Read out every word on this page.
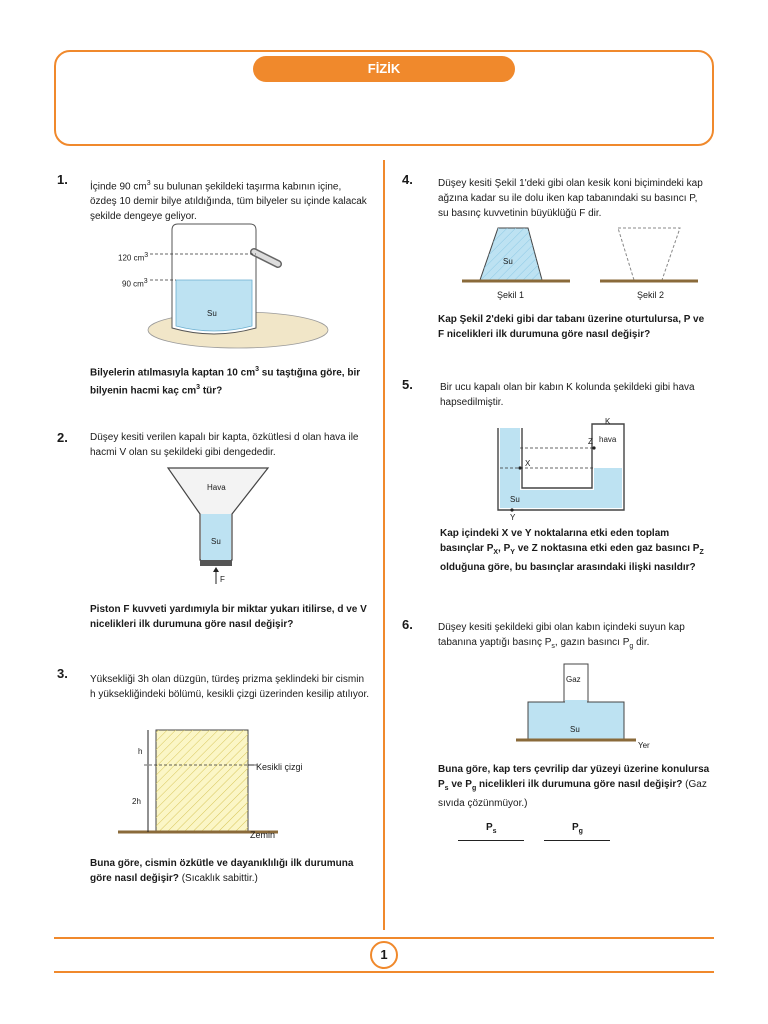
FİZİK
1. İçinde 90 $cm^3$ su bulunan şekildeki taşırma kabının içine, özdeş 10 demir bilye atıldığında, tüm bilyeler su içinde kalacak şekilde dengeye geliyor.
120 $cm^3$
90 $cm^3$
Su
Bilyelerin atılmasıyla kaptan 10 $cm^3$ su taştığına göre, bir bilyenin hacmi kaç $cm^3$ tür?
2. Düşey kesiti verilen kapalı bir kapta, özkütlesi d olan hava ile hacmi V olan su şekildeki gibi dengededir.
Hava
Su
F
Piston F kuvveti yardımıyla bir miktar yukarı itilirse, d ve V nicelikleri ilk durumuna göre nasıl değişir?
3. Yüksekliği 3h olan düzgün, türdeş prizma şeklindeki bir cismin h yüksekliğindeki bölümü, kesikli çizgi üzerinden kesilip atılıyor.
h
2h
Kesikli çizgi
Zemin
Buna göre, cismin özkütle ve dayanıklılığı ilk durumuna göre nasıl değişir? (Sıcaklık sabittir.)
4.	Düşey kesiti Şekil 1'deki gibi olan kesik koni biçimindeki kap ağzına kadar su ile dolu iken kap tabanındaki su basıncı P, su basınç kuvvetinin büyüklüğü F dir.
Su
Şekil 1	Şekil 2
Kap Şekil 2'deki gibi dar tabanı üzerine oturtulursa, P ve F nicelikleri ilk durumuna göre nasıl değişir?
5.	Bir ucu kapalı olan bir kabın K kolunda şekildeki gibi hava hapsedilmiştir.
K
Z hava
X
Su
Y
Kap içindeki X ve Y noktalarına etki eden toplam basınçlar $P_X$, $P_Y$ ve Z noktasına etki eden gaz basıncı $P_Z$ olduğuna göre, bu basınçlar arasındaki ilişki nasıldır?
6.	Düşey kesiti şekildeki gibi olan kabın içindeki suyun kap tabanına yaptığı basınç $P_s$, gazın basıncı $P_g$ dir.
Gaz
Su
Yer
Buna göre, kap ters çevrilip dar yüzeyi üzerine konulursa $P_s$ ve $P_g$ nicelikleri ilk durumuna göre nasıl değişir? (Gaz sıvıda çözünmüyor.)
$P_s$	$P_g$
1
